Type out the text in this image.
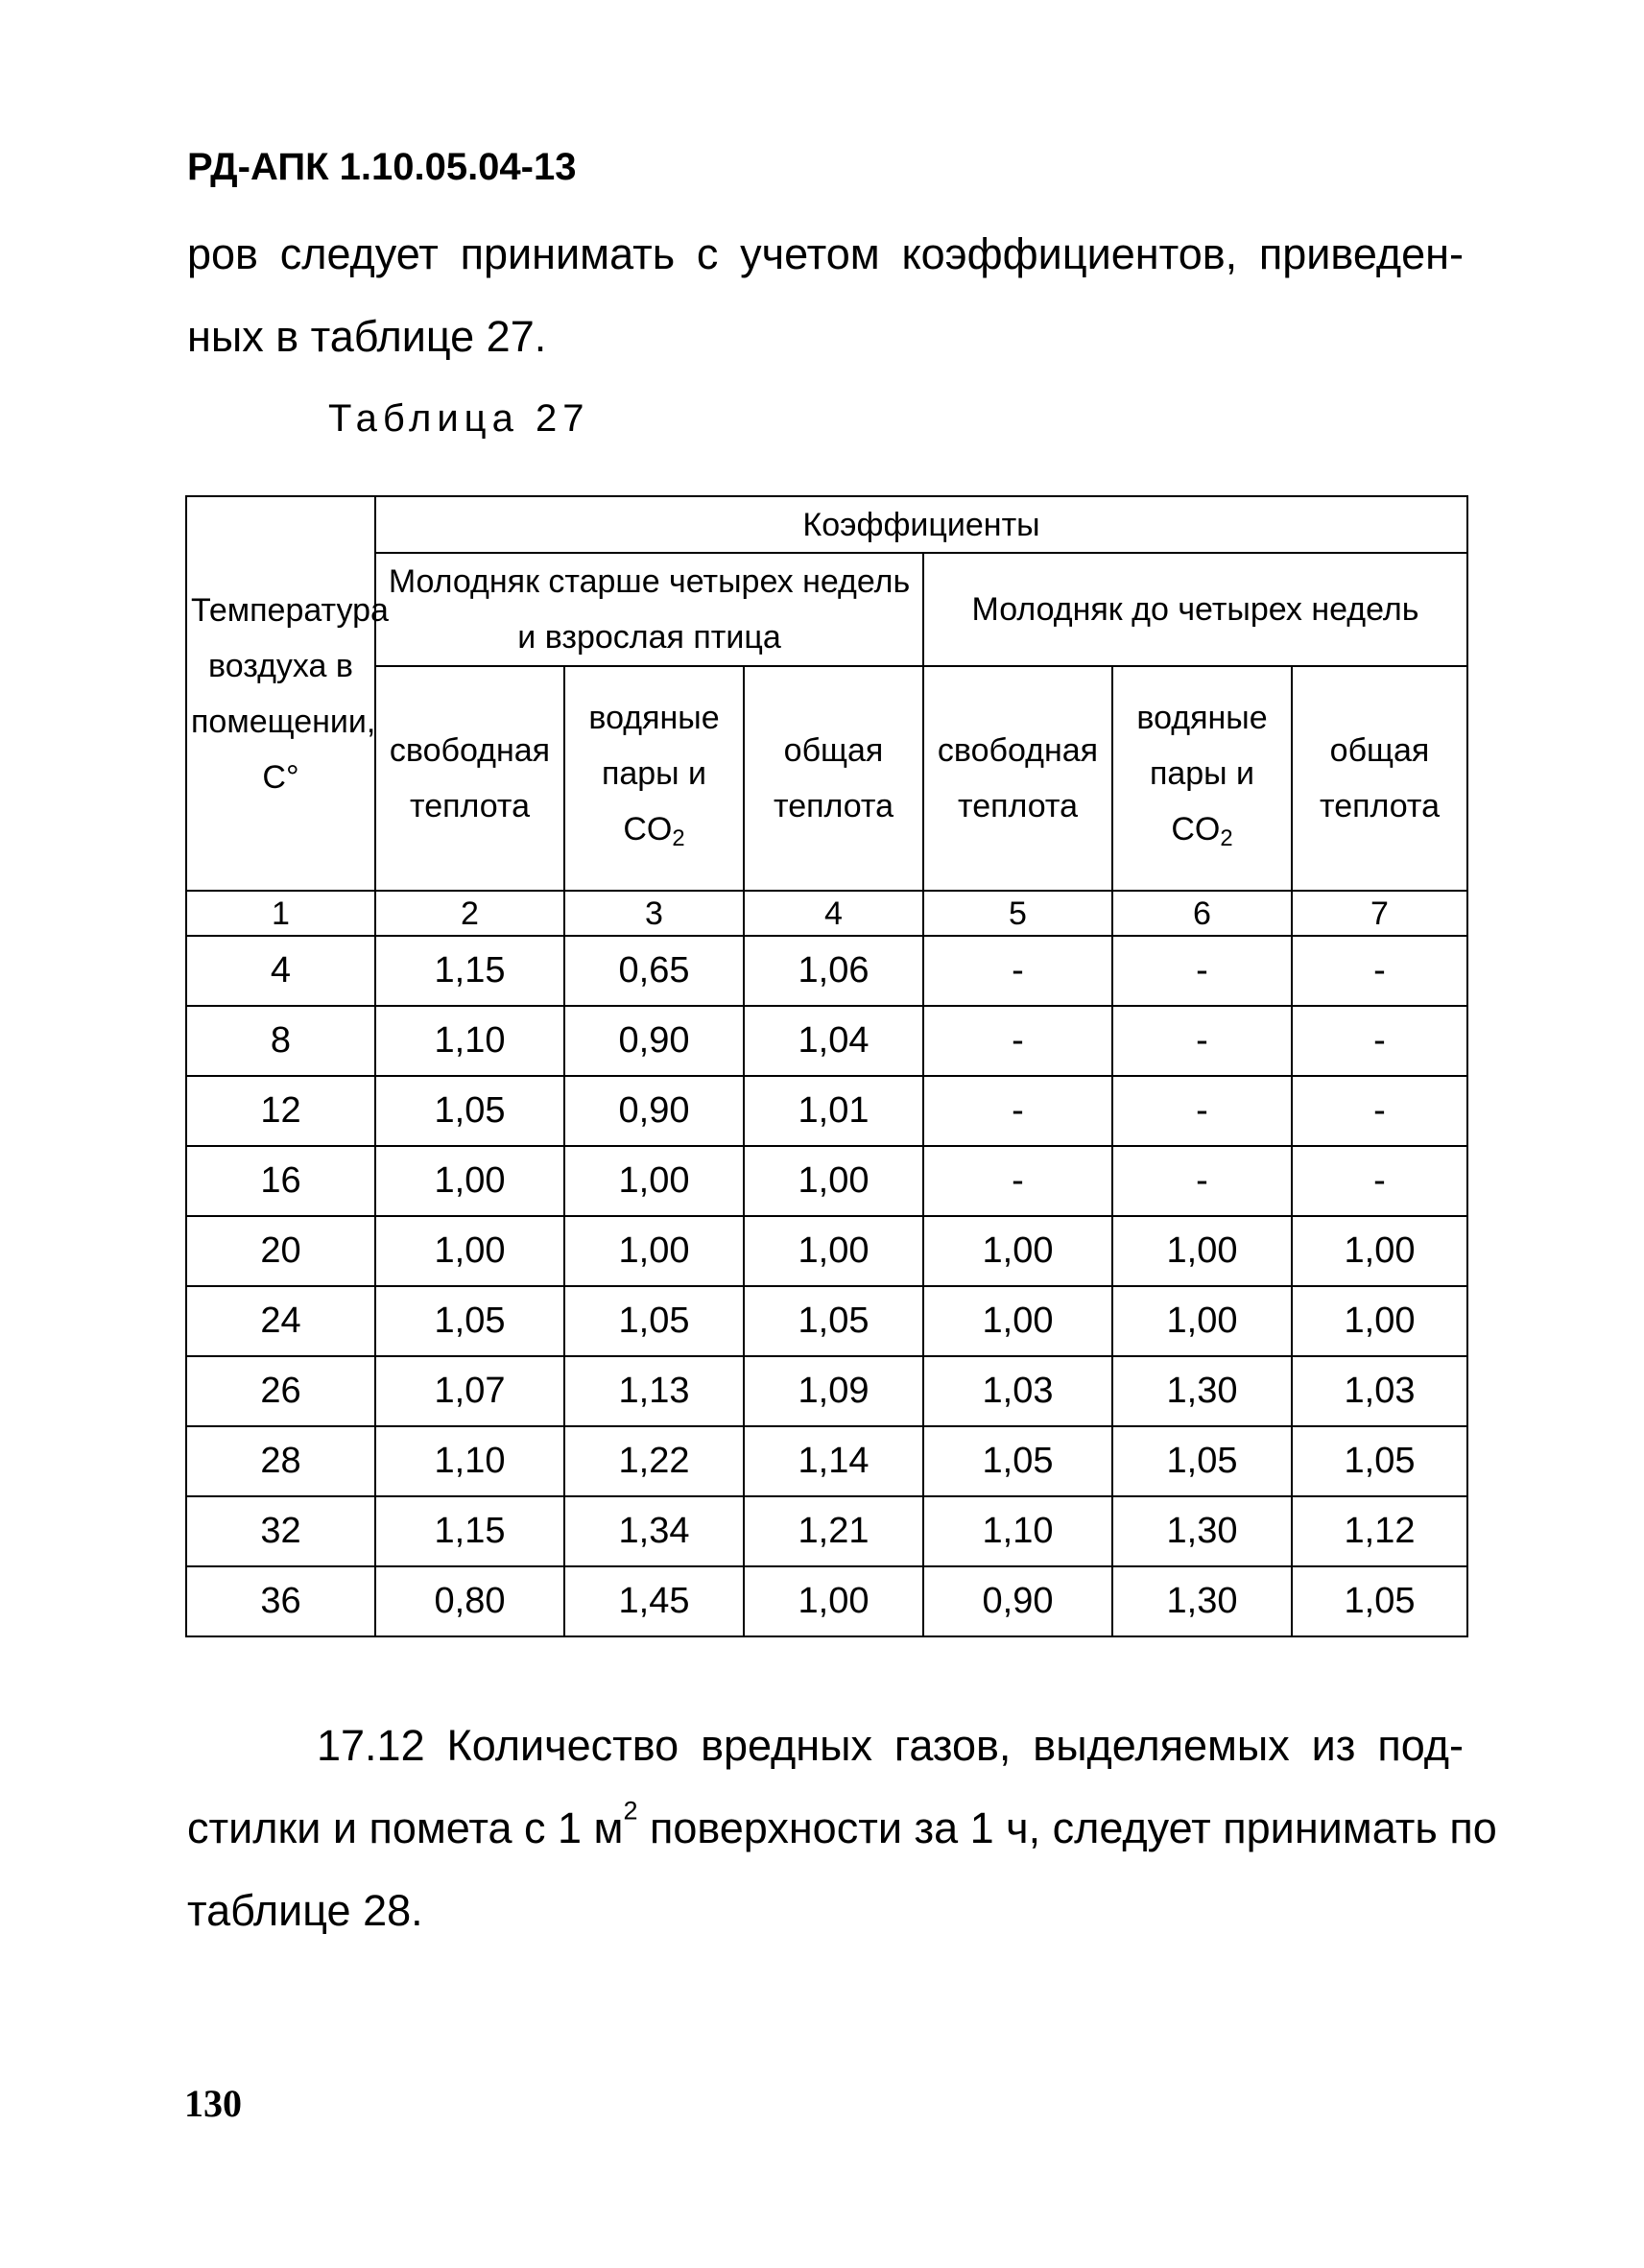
РД-АПК 1.10.05.04-13
ров следует принимать с учетом коэффициентов, приведен-
ных в таблице 27.
Таблица 27
Температура воздуха в помещении, С°	Коэффициенты					
	Молодняк старше четырех недель и взрослая птица			Молодняк до четырех недель		
	свободная теплота	водяные пары и $CO_2$	общая теплота	свободная теплота	водяные пары и $CO_2$	общая теплота
1	2	3	4	5	6	7
4	1,15	0,65	1,06	-	-	-
8	1,10	0,90	1,04	-	-	-
12	1,05	0,90	1,01	-	-	-
16	1,00	1,00	1,00	-	-	-
20	1,00	1,00	1,00	1,00	1,00	1,00
24	1,05	1,05	1,05	1,00	1,00	1,00
26	1,07	1,13	1,09	1,03	1,30	1,03
28	1,10	1,22	1,14	1,05	1,05	1,05
32	1,15	1,34	1,21	1,10	1,30	1,12
36	0,80	1,45	1,00	0,90	1,30	1,05
17.12 Количество вредных газов, выделяемых из под-
стилки и помета с 1 $м^2$ поверхности за 1 ч, следует принимать по
таблице 28.
130
